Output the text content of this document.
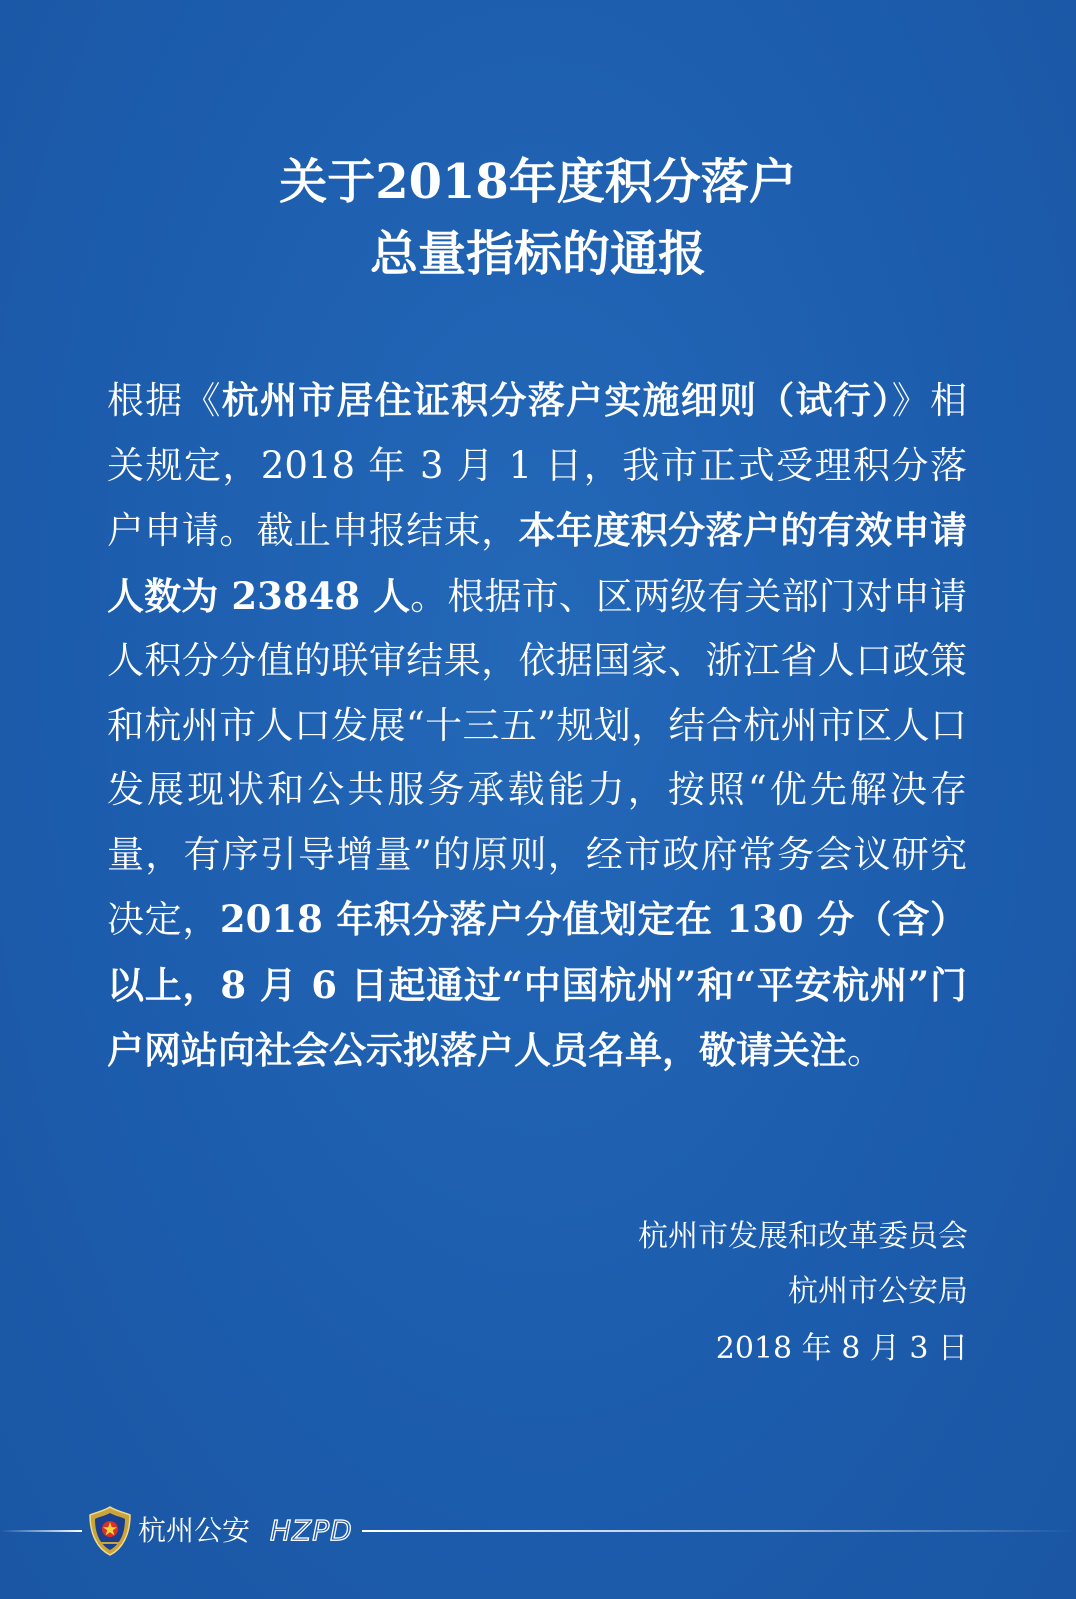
关于2018年度积分落户
总量指标的通报

根据《杭州市居住证积分落户实施细则（试行）》相关规定，2018 年 3 月 1 日，我市正式受理积分落户申请。截止申报结束，本年度积分落户的有效申请人数为 23848 人。根据市、区两级有关部门对申请人积分分值的联审结果，依据国家、浙江省人口政策和杭州市人口发展“十三五”规划，结合杭州市区人口发展现状和公共服务承载能力，按照“优先解决存量，有序引导增量”的原则，经市政府常务会议研究决定，2018 年积分落户分值划定在 130 分（含）以上，8 月 6 日起通过“中国杭州”和“平安杭州”门户网站向社会公示拟落户人员名单，敬请关注。

杭州市发展和改革委员会

杭州市公安局

2018 年 8 月 3 日

杭州公安 HZPD
